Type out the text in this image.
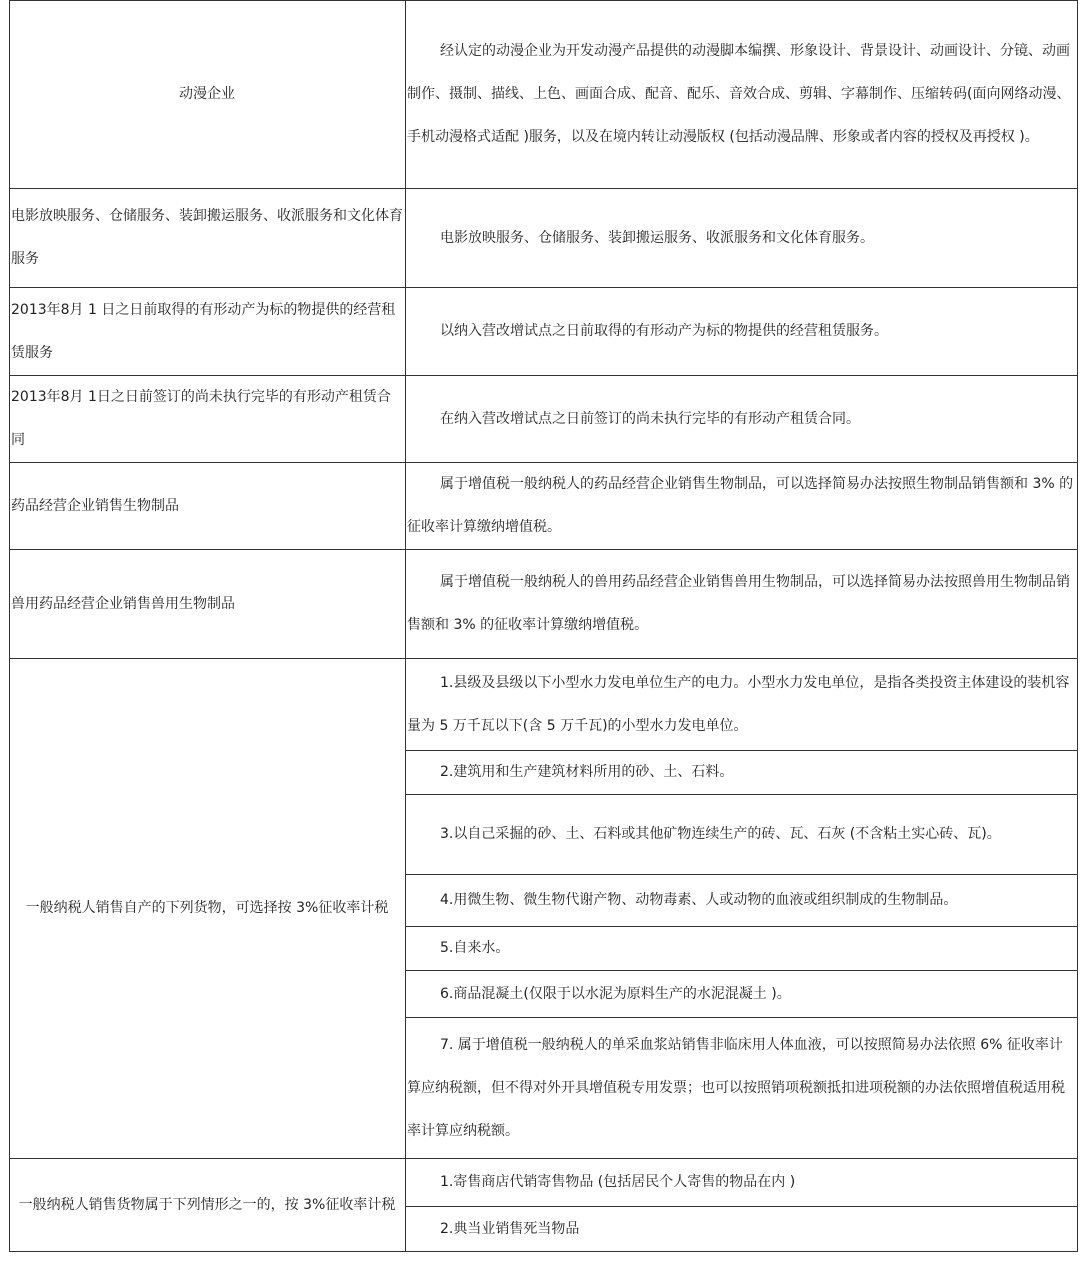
动漫企业	经认定的动漫企业为开发动漫产品提供的动漫脚本编撰、形象设计、背景设计、动画设计、分镜、动画制作、摄制、描线、上色、画面合成、配音、配乐、音效合成、剪辑、字幕制作、压缩转码(面向网络动漫、手机动漫格式适配 )服务，以及在境内转让动漫版权 (包括动漫品牌、形象或者内容的授权及再授权 )。

电影放映服务、仓储服务、装卸搬运服务、收派服务和文化体育服务	电影放映服务、仓储服务、装卸搬运服务、收派服务和文化体育服务。

2013年8月 1 日之日前取得的有形动产为标的物提供的经营租赁服务	以纳入营改增试点之日前取得的有形动产为标的物提供的经营租赁服务。

2013年8月 1日之日前签订的尚未执行完毕的有形动产租赁合同	在纳入营改增试点之日前签订的尚未执行完毕的有形动产租赁合同。

药品经营企业销售生物制品	属于增值税一般纳税人的药品经营企业销售生物制品，可以选择简易办法按照生物制品销售额和 3% 的征收率计算缴纳增值税。

兽用药品经营企业销售兽用生物制品	属于增值税一般纳税人的兽用药品经营企业销售兽用生物制品，可以选择简易办法按照兽用生物制品销售额和 3% 的征收率计算缴纳增值税。

一般纳税人销售自产的下列货物，可选择按 3%征收率计税	1.县级及县级以下小型水力发电单位生产的电力。小型水力发电单位，是指各类投资主体建设的装机容量为 5 万千瓦以下(含 5 万千瓦)的小型水力发电单位。

	2.建筑用和生产建筑材料所用的砂、土、石料。

	3.以自己采掘的砂、土、石料或其他矿物连续生产的砖、瓦、石灰 (不含粘土实心砖、瓦)。

	4.用微生物、微生物代谢产物、动物毒素、人或动物的血液或组织制成的生物制品。

	5.自来水。

	6.商品混凝土(仅限于以水泥为原料生产的水泥混凝土 )。

	7. 属于增值税一般纳税人的单采血浆站销售非临床用人体血液，可以按照简易办法依照 6% 征收率计算应纳税额，但不得对外开具增值税专用发票；也可以按照销项税额抵扣进项税额的办法依照增值税适用税率计算应纳税额。

一般纳税人销售货物属于下列情形之一的，按 3%征收率计税	1.寄售商店代销寄售物品 (包括居民个人寄售的物品在内 )

	2.典当业销售死当物品
